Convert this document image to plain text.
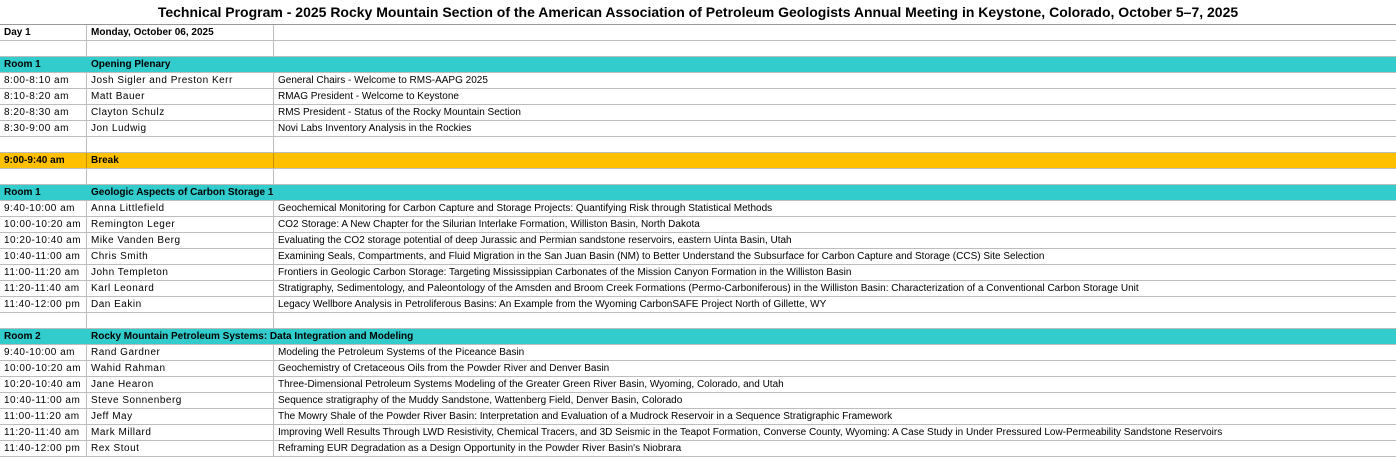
Technical Program - 2025 Rocky Mountain Section of the American Association of Petroleum Geologists Annual Meeting in Keystone, Colorado, October 5–7, 2025
Day 1	Monday, October 06, 2025
Room 1	Opening Plenary
8:00-8:10 am	Josh Sigler and Preston Kerr	General Chairs - Welcome to RMS-AAPG 2025
8:10-8:20 am	Matt Bauer	RMAG President - Welcome to Keystone
8:20-8:30 am	Clayton Schulz	RMS President - Status of the Rocky Mountain Section
8:30-9:00 am	Jon Ludwig	Novi Labs Inventory Analysis in the Rockies
9:00-9:40 am	Break
Room 1	Geologic Aspects of Carbon Storage 1
9:40-10:00 am	Anna Littlefield	Geochemical Monitoring for Carbon Capture and Storage Projects: Quantifying Risk through Statistical Methods
10:00-10:20 am Remington Leger	CO2 Storage: A New Chapter for the Silurian Interlake Formation, Williston Basin, North Dakota
10:20-10:40 am Mike Vanden Berg	Evaluating the CO2 storage potential of deep Jurassic and Permian sandstone reservoirs, eastern Uinta Basin, Utah
10:40-11:00 am	Chris Smith	Examining Seals, Compartments, and Fluid Migration in the San Juan Basin (NM) to Better Understand the Subsurface for Carbon Capture and Storage (CCS) Site Selection
11:00-11:20 am	John Templeton	Frontiers in Geologic Carbon Storage: Targeting Mississippian Carbonates of the Mission Canyon Formation in the Williston Basin
11:20-11:40 am	Karl Leonard	Stratigraphy, Sedimentology, and Paleontology of the Amsden and Broom Creek Formations (Permo-Carboniferous) in the Williston Basin: Characterization of a Conventional Carbon Storage Unit
11:40-12:00 pm	Dan Eakin	Legacy Wellbore Analysis in Petroliferous Basins: An Example from the Wyoming CarbonSAFE Project North of Gillette, WY
Room 2	Rocky Mountain Petroleum Systems: Data Integration and Modeling
9:40-10:00 am	Rand Gardner	Modeling the Petroleum Systems of the Piceance Basin
10:00-10:20 am Wahid Rahman	Geochemistry of Cretaceous Oils from the Powder River and Denver Basin
10:20-10:40 am Jane Hearon	Three-Dimensional Petroleum Systems Modeling of the Greater Green River Basin, Wyoming, Colorado, and Utah
10:40-11:00 am	Steve Sonnenberg	Sequence stratigraphy of the Muddy Sandstone, Wattenberg Field, Denver Basin, Colorado
11:00-11:20 am	Jeff May	The Mowry Shale of the Powder River Basin: Interpretation and Evaluation of a Mudrock Reservoir in a Sequence Stratigraphic Framework
11:20-11:40 am	Mark Millard	Improving Well Results Through LWD Resistivity, Chemical Tracers, and 3D Seismic in the Teapot Formation, Converse County, Wyoming: A Case Study in Under Pressured Low-Permeability Sandstone Reservoirs
11:40-12:00 pm	Rex Stout	Reframing EUR Degradation as a Design Opportunity in the Powder River Basin's Niobrara
